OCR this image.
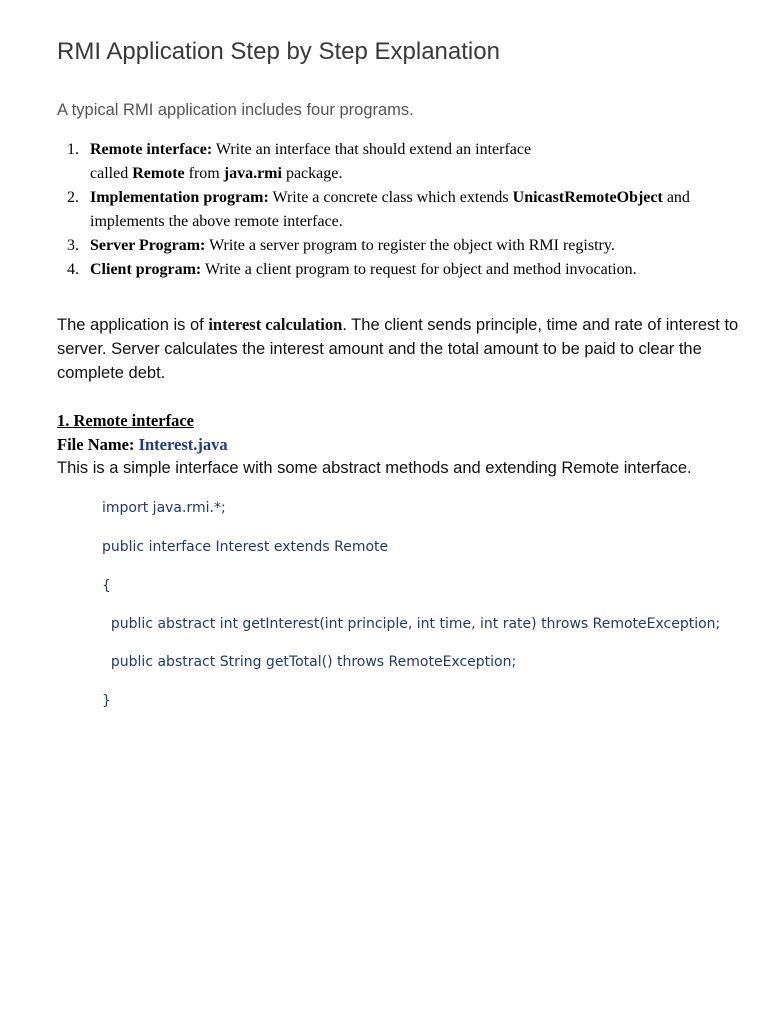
RMI Application Step by Step Explanation
A typical RMI application includes four programs.
1. Remote interface: Write an interface that should extend an interface
called Remote from java.rmi package.
2. Implementation program: Write a concrete class which extends UnicastRemoteObject and implements the above remote interface.
3. Server Program: Write a server program to register the object with RMI registry.
4. Client program: Write a client program to request for object and method invocation.

The application is of interest calculation. The client sends principle, time and rate of interest to server. Server calculates the interest amount and the total amount to be paid to clear the complete debt.

1. Remote interface
File Name: Interest.java
This is a simple interface with some abstract methods and extending Remote interface.
import java.rmi.*;
public interface Interest extends Remote
{
public abstract int getInterest(int principle, int time, int rate) throws RemoteException;
public abstract String getTotal() throws RemoteException;
}
